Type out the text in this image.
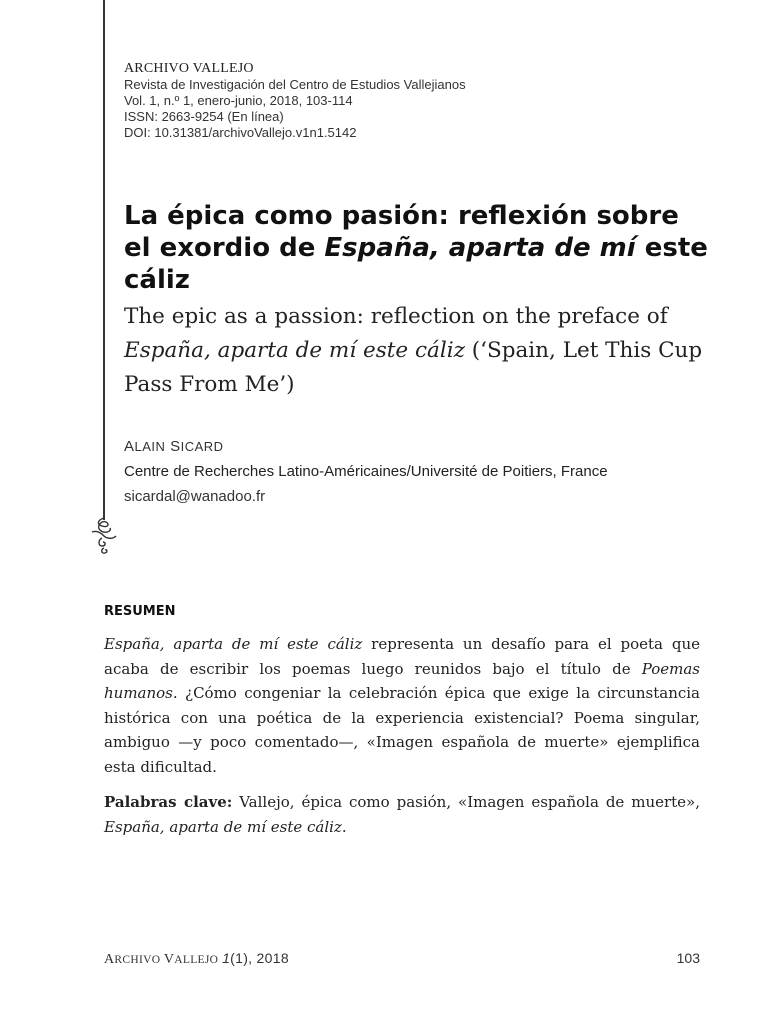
ARCHIVO VALLEJO
Revista de Investigación del Centro de Estudios Vallejianos
Vol. 1, n.º 1, enero-junio, 2018, 103-114
ISSN: 2663-9254 (En línea)
DOI: 10.31381/archivoVallejo.v1n1.5142
La épica como pasión: reflexión sobre el exordio de España, aparta de mí este cáliz
The epic as a passion: reflection on the preface of España, aparta de mí este cáliz (‘Spain, Let This Cup Pass From Me’)
ALAIN SICARD
Centre de Recherches Latino-Américaines/Université de Poitiers, France
sicardal@wanadoo.fr
RESUMEN
España, aparta de mí este cáliz representa un desafío para el poeta que acaba de escribir los poemas luego reunidos bajo el título de Poemas humanos. ¿Cómo congeniar la celebración épica que exige la circunstancia histórica con una poética de la experiencia existencial? Poema singular, ambiguo —y poco comentado—, «Imagen española de muerte» ejemplifica esta dificultad.
Palabras clave: Vallejo, épica como pasión, «Imagen española de muerte», España, aparta de mí este cáliz.
ARCHIVO VALLEJO 1(1), 2018	103
